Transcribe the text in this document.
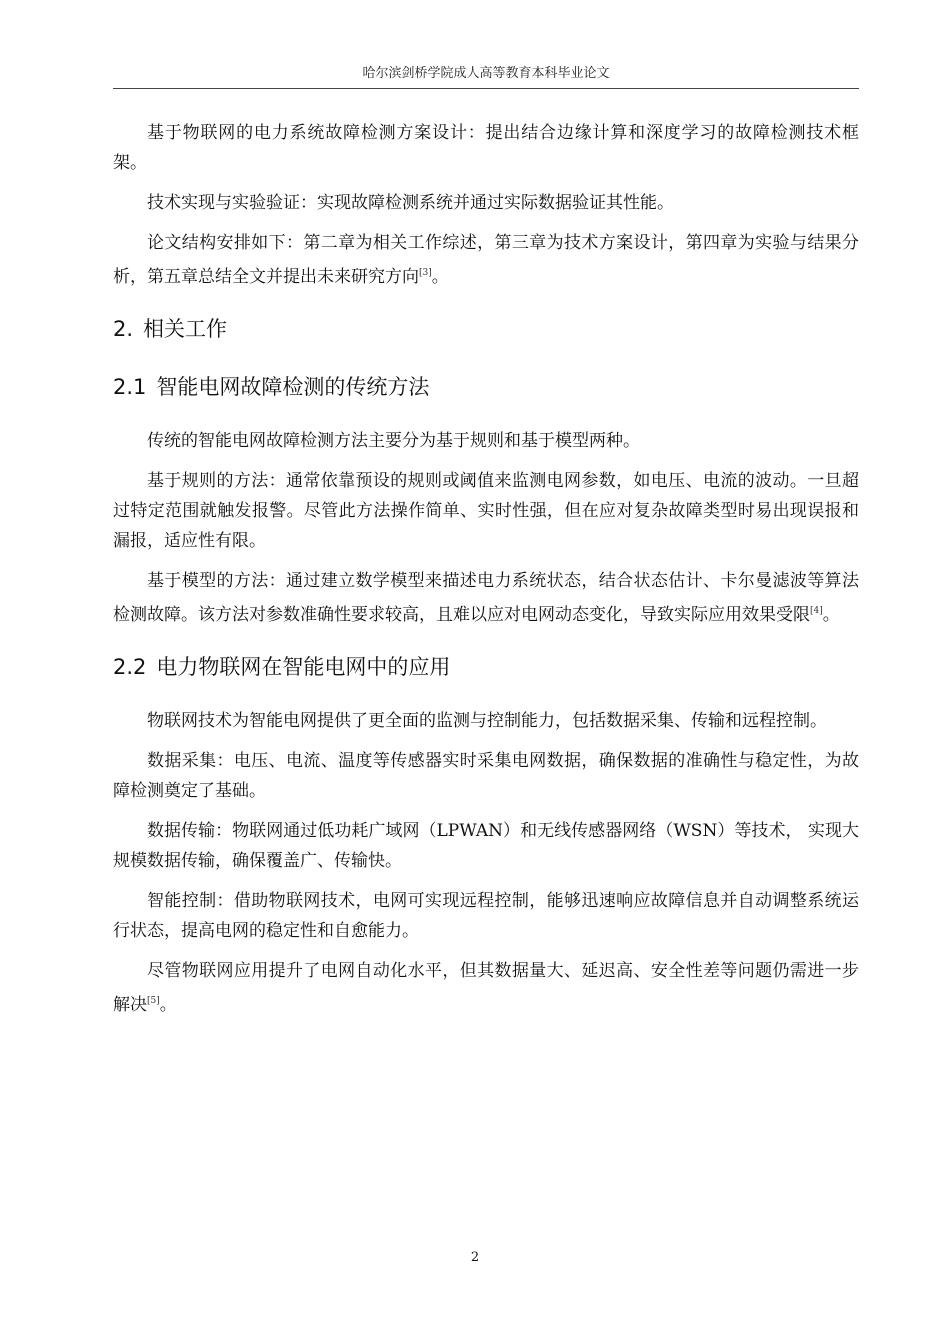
哈尔滨剑桥学院成人高等教育本科毕业论文

基于物联网的电力系统故障检测方案设计：提出结合边缘计算和深度学习的故障检测技术框架。

技术实现与实验验证：实现故障检测系统并通过实际数据验证其性能。

论文结构安排如下：第二章为相关工作综述，第三章为技术方案设计，第四章为实验与结果分析，第五章总结全文并提出未来研究方向[3]。

2. 相关工作
2.1 智能电网故障检测的传统方法

传统的智能电网故障检测方法主要分为基于规则和基于模型两种。

基于规则的方法：通常依靠预设的规则或阈值来监测电网参数，如电压、电流的波动。一旦超过特定范围就触发报警。尽管此方法操作简单、实时性强，但在应对复杂故障类型时易出现误报和漏报，适应性有限。

基于模型的方法：通过建立数学模型来描述电力系统状态，结合状态估计、卡尔曼滤波等算法检测故障。该方法对参数准确性要求较高，且难以应对电网动态变化，导致实际应用效果受限[4]。

2.2 电力物联网在智能电网中的应用

物联网技术为智能电网提供了更全面的监测与控制能力，包括数据采集、传输和远程控制。

数据采集：电压、电流、温度等传感器实时采集电网数据，确保数据的准确性与稳定性，为故障检测奠定了基础。

数据传输：物联网通过低功耗广域网（LPWAN）和无线传感器网络（WSN）等技术， 实现大规模数据传输，确保覆盖广、传输快。

智能控制：借助物联网技术，电网可实现远程控制，能够迅速响应故障信息并自动调整系统运行状态，提高电网的稳定性和自愈能力。

尽管物联网应用提升了电网自动化水平，但其数据量大、延迟高、安全性差等问题仍需进一步解决[5]。

2
